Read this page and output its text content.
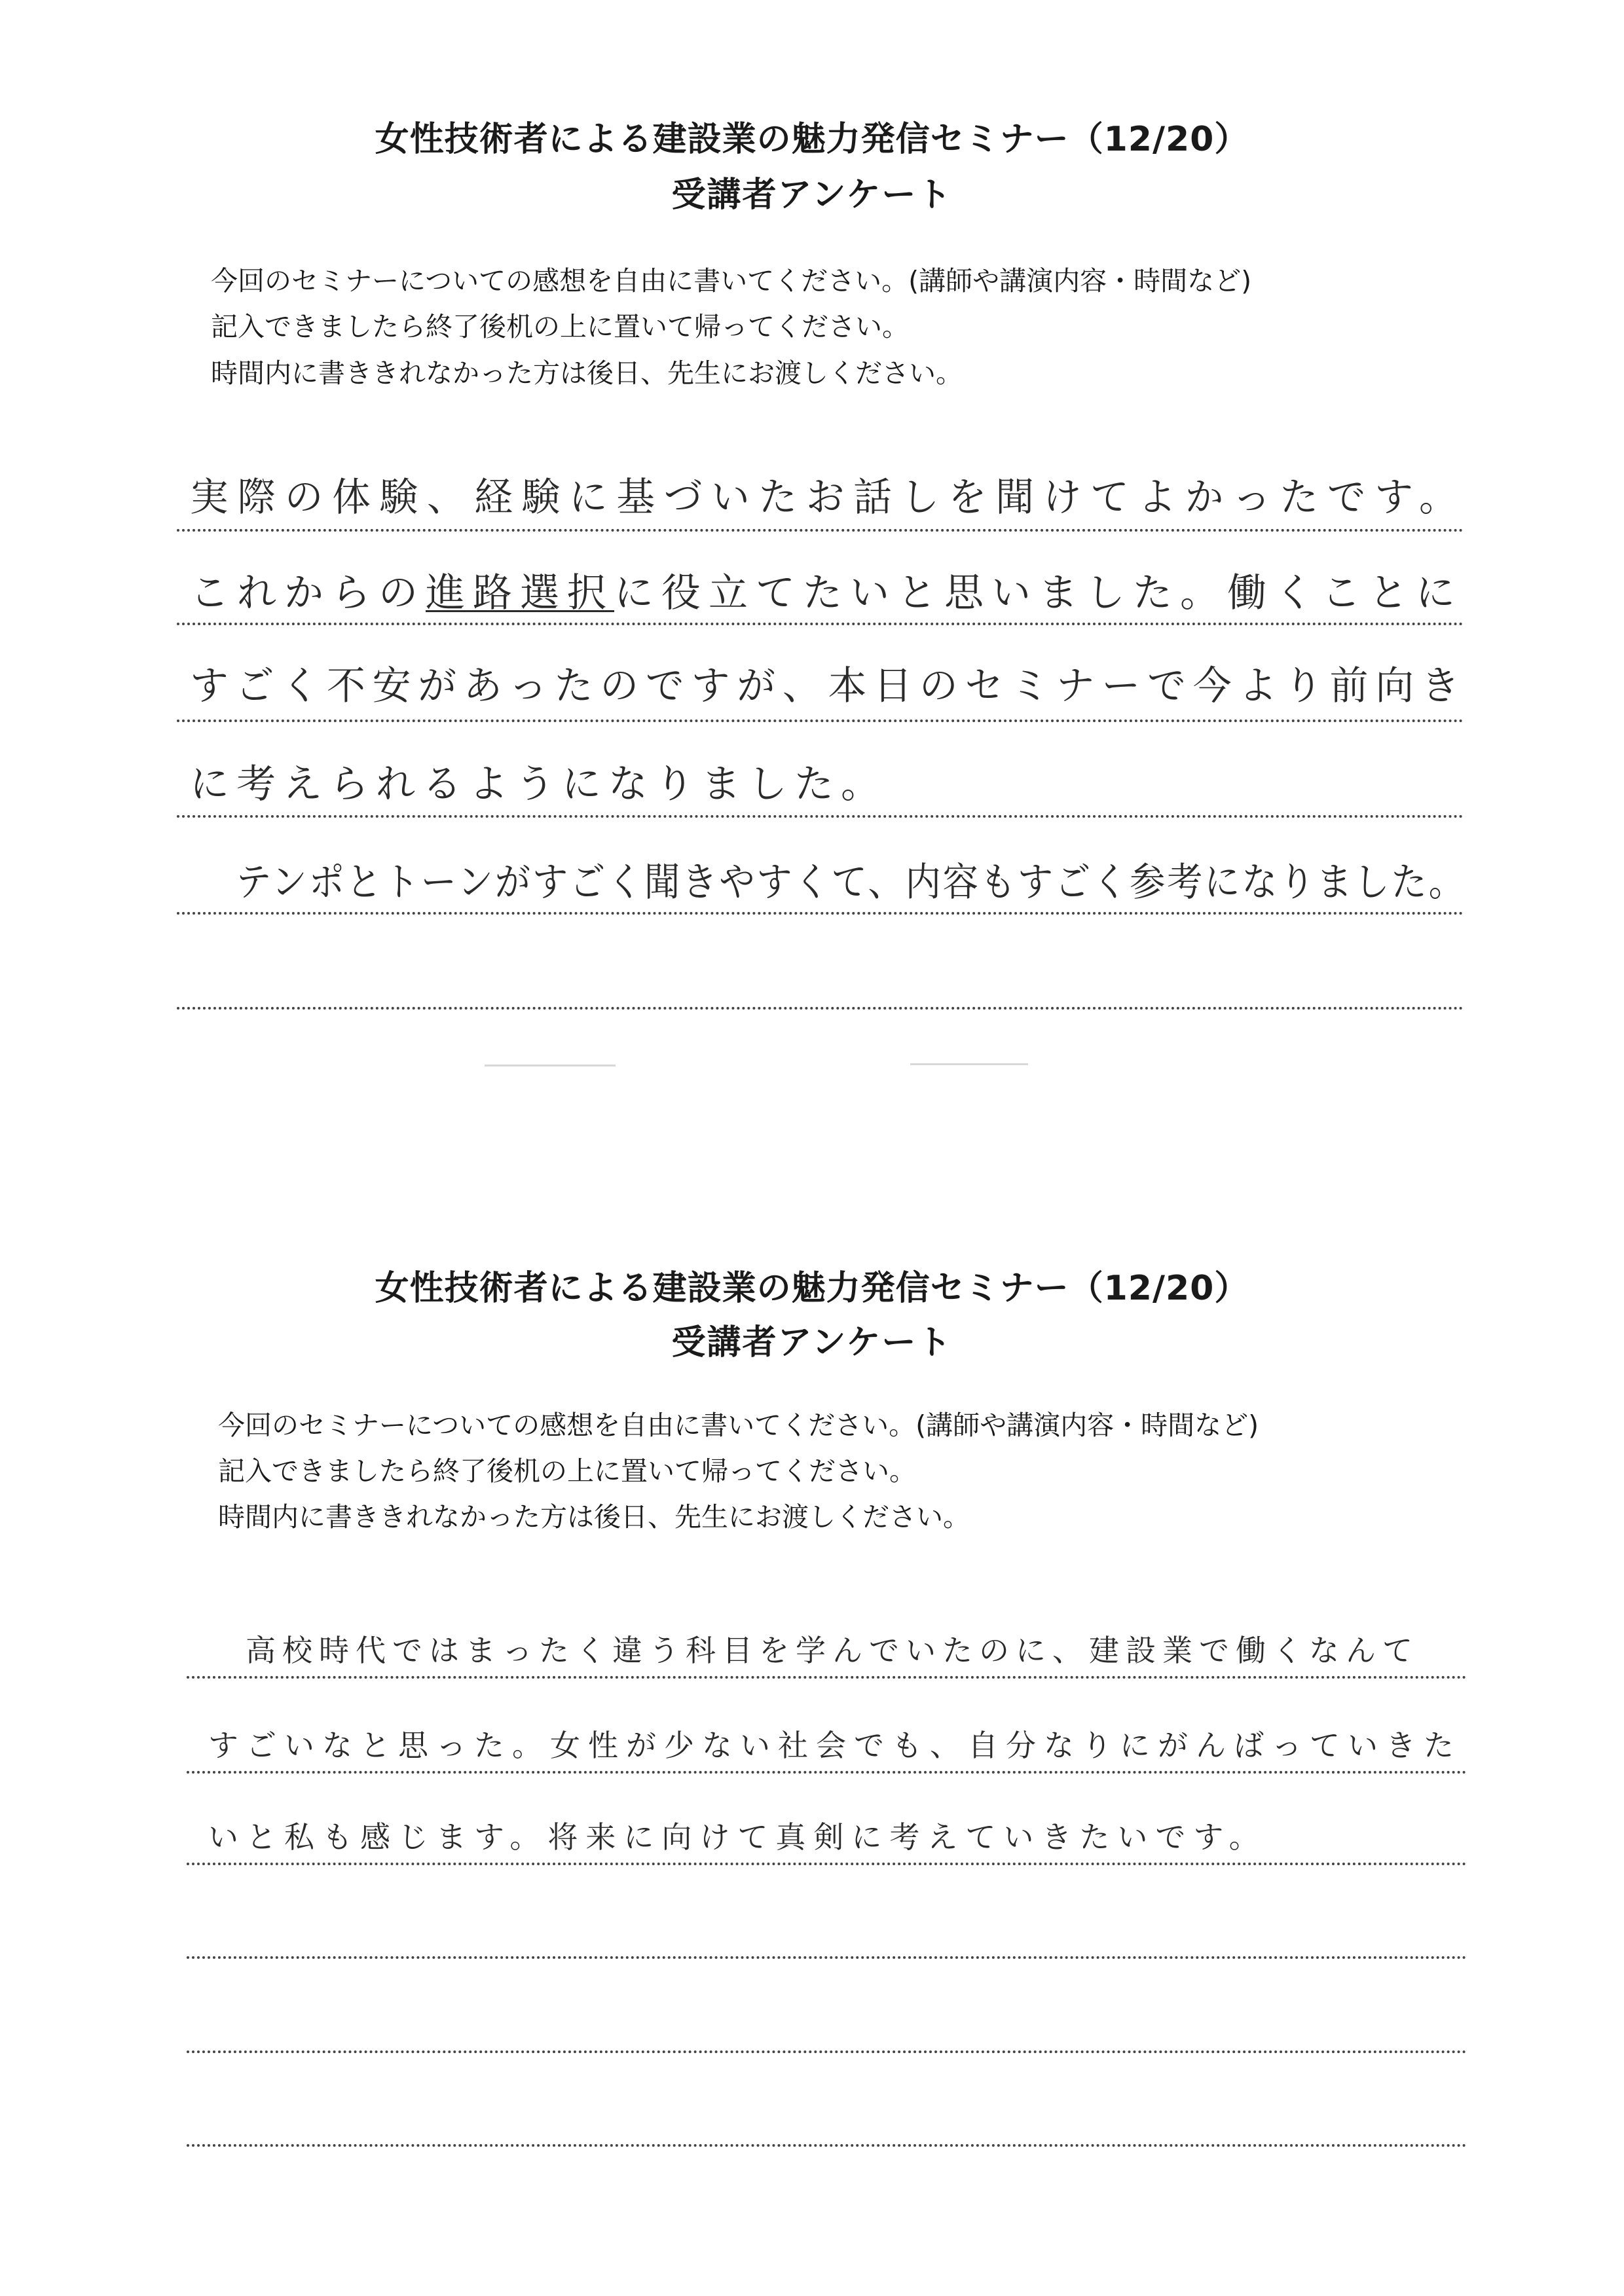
女性技術者による建設業の魅力発信セミナー（12/20）
受講者アンケート
今回のセミナーについての感想を自由に書いてください。(講師や講演内容・時間など)
記入できましたら終了後机の上に置いて帰ってください。
時間内に書ききれなかった方は後日、先生にお渡しください。
実際の体験、経験に基づいたお話しを聞けてよかったです。
これからの進路選択に役立てたいと思いました。働くことに
すごく不安があったのですが、本日のセミナーで今より前向き
に考えられるようになりました。
テンポとトーンがすごく聞きやすくて、内容もすごく参考になりました。
女性技術者による建設業の魅力発信セミナー（12/20）
受講者アンケート
今回のセミナーについての感想を自由に書いてください。(講師や講演内容・時間など)
記入できましたら終了後机の上に置いて帰ってください。
時間内に書ききれなかった方は後日、先生にお渡しください。
高校時代ではまったく違う科目を学んでいたのに、建設業で働くなんて
すごいなと思った。女性が少ない社会でも、自分なりにがんばっていきた
いと私も感じます。将来に向けて真剣に考えていきたいです。
